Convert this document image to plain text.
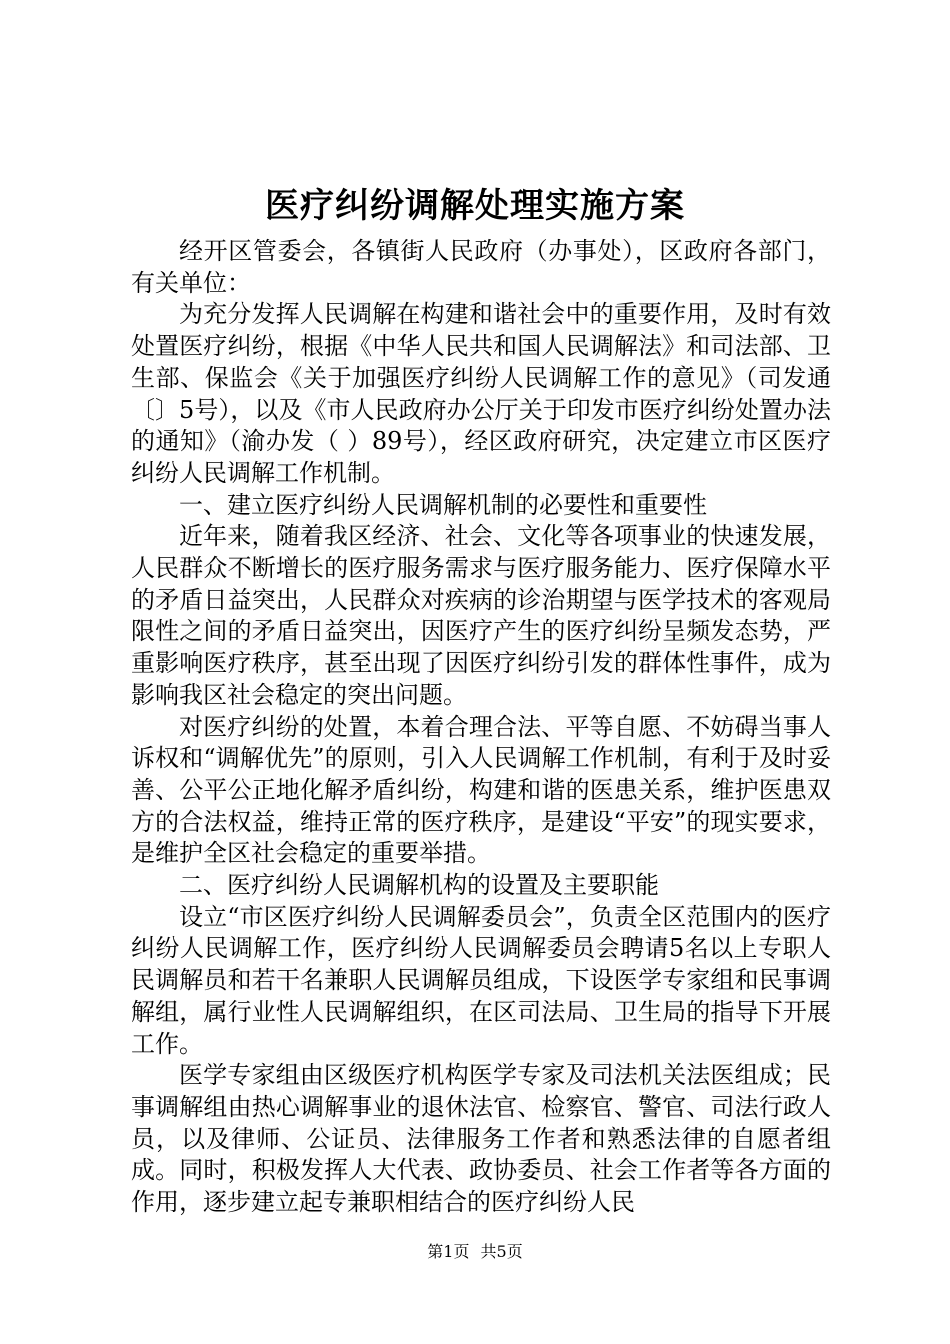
医疗纠纷调解处理实施方案

经开区管委会，各镇街人民政府（办事处），区政府各部门，有关单位：

为充分发挥人民调解在构建和谐社会中的重要作用，及时有效处置医疗纠纷，根据《中华人民共和国人民调解法》和司法部、卫生部、保监会《关于加强医疗纠纷人民调解工作的意见》（司发通〔〕5号），以及《市人民政府办公厅关于印发市医疗纠纷处置办法的通知》（渝办发（ ）89号），经区政府研究，决定建立市区医疗纠纷人民调解工作机制。

一、建立医疗纠纷人民调解机制的必要性和重要性

近年来，随着我区经济、社会、文化等各项事业的快速发展，人民群众不断增长的医疗服务需求与医疗服务能力、医疗保障水平的矛盾日益突出，人民群众对疾病的诊治期望与医学技术的客观局限性之间的矛盾日益突出，因医疗产生的医疗纠纷呈频发态势，严重影响医疗秩序，甚至出现了因医疗纠纷引发的群体性事件，成为影响我区社会稳定的突出问题。

对医疗纠纷的处置，本着合理合法、平等自愿、不妨碍当事人诉权和“调解优先”的原则，引入人民调解工作机制，有利于及时妥善、公平公正地化解矛盾纠纷，构建和谐的医患关系，维护医患双方的合法权益，维持正常的医疗秩序，是建设“平安”的现实要求，是维护全区社会稳定的重要举措。

二、医疗纠纷人民调解机构的设置及主要职能

设立“市区医疗纠纷人民调解委员会”，负责全区范围内的医疗纠纷人民调解工作，医疗纠纷人民调解委员会聘请5名以上专职人民调解员和若干名兼职人民调解员组成，下设医学专家组和民事调解组，属行业性人民调解组织，在区司法局、卫生局的指导下开展工作。

医学专家组由区级医疗机构医学专家及司法机关法医组成；民事调解组由热心调解事业的退休法官、检察官、警官、司法行政人员，以及律师、公证员、法律服务工作者和熟悉法律的自愿者组成。同时，积极发挥人大代表、政协委员、社会工作者等各方面的作用，逐步建立起专兼职相结合的医疗纠纷人民

第1页 共5页
